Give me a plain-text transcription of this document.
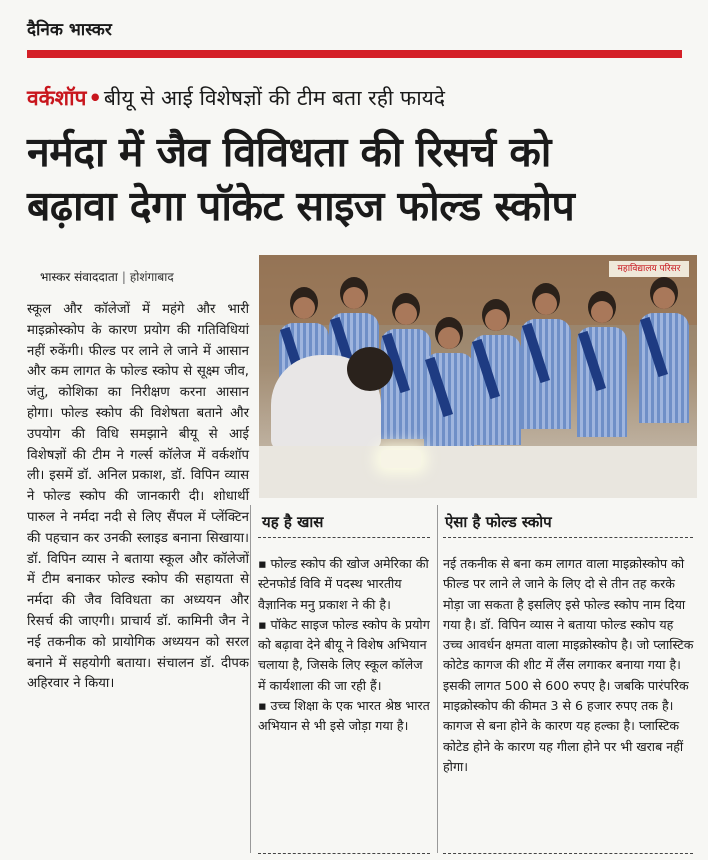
दैनिक भास्कर
वर्कशॉप • बीयू से आई विशेषज्ञों की टीम बता रही फायदे
नर्मदा में जैव विविधता की रिसर्च को
बढ़ावा देगा पॉकेट साइज फोल्ड स्कोप
भास्कर संवाददाता | होशंगाबाद
स्कूल और कॉलेजों में महंगे और भारी माइक्रोस्कोप के कारण प्रयोग की गतिविधियां नहीं रुकेंगी। फील्ड पर लाने ले जाने में आसान और कम लागत के फोल्ड स्कोप से सूक्ष्म जीव, जंतु, कोशिका का निरीक्षण करना आसान होगा। फोल्ड स्कोप की विशेषता बताने और उपयोग की विधि समझाने बीयू से आई विशेषज्ञों की टीम ने गर्ल्स कॉलेज में वर्कशॉप ली। इसमें डॉ. अनिल प्रकाश, डॉ. विपिन व्यास ने फोल्ड स्कोप की जानकारी दी। शोधार्थी पारुल ने नर्मदा नदी से लिए सैंपल में प्लेंक्टिन की पहचान कर उनकी स्लाइड बनाना सिखाया। डॉ. विपिन व्यास ने बताया स्कूल और कॉलेजों में टीम बनाकर फोल्ड स्कोप की सहायता से नर्मदा की जैव विविधता का अध्ययन और रिसर्च की जाएगी। प्राचार्य डॉ. कामिनी जैन ने नई तकनीक को प्रायोगिक अध्ययन को सरल बनाने में सहयोगी बताया। संचालन डॉ. दीपक अहिरवार ने किया।
महाविद्यालय परिसर
यह है खास

▪ फोल्ड स्कोप की खोज अमेरिका की स्टेनफोर्ड विवि में पदस्थ भारतीय वैज्ञानिक मनु प्रकाश ने की है।

▪ पॉकेट साइज फोल्ड स्कोप के प्रयोग को बढ़ावा देने बीयू ने विशेष अभियान चलाया है, जिसके लिए स्कूल कॉलेज में कार्यशाला की जा रही हैं।

▪ उच्च शिक्षा के एक भारत श्रेष्ठ भारत अभियान से भी इसे जोड़ा गया है।

ऐसा है फोल्ड स्कोप
नई तकनीक से बना कम लागत वाला माइक्रोस्कोप को फील्ड पर लाने ले जाने के लिए दो से तीन तह करके मोड़ा जा सकता है इसलिए इसे फोल्ड स्कोप नाम दिया गया है। डॉ. विपिन व्यास ने बताया फोल्ड स्कोप यह उच्च आवर्धन क्षमता वाला माइक्रोस्कोप है। जो प्लास्टिक कोटेड कागज की शीट में लैंस लगाकर बनाया गया है। इसकी लागत 500 से 600 रुपए है। जबकि पारंपरिक माइक्रोस्कोप की कीमत 3 से 6 हजार रुपए तक है। कागज से बना होने के कारण यह हल्का है। प्लास्टिक कोटेड होने के कारण यह गीला होने पर भी खराब नहीं होगा।
